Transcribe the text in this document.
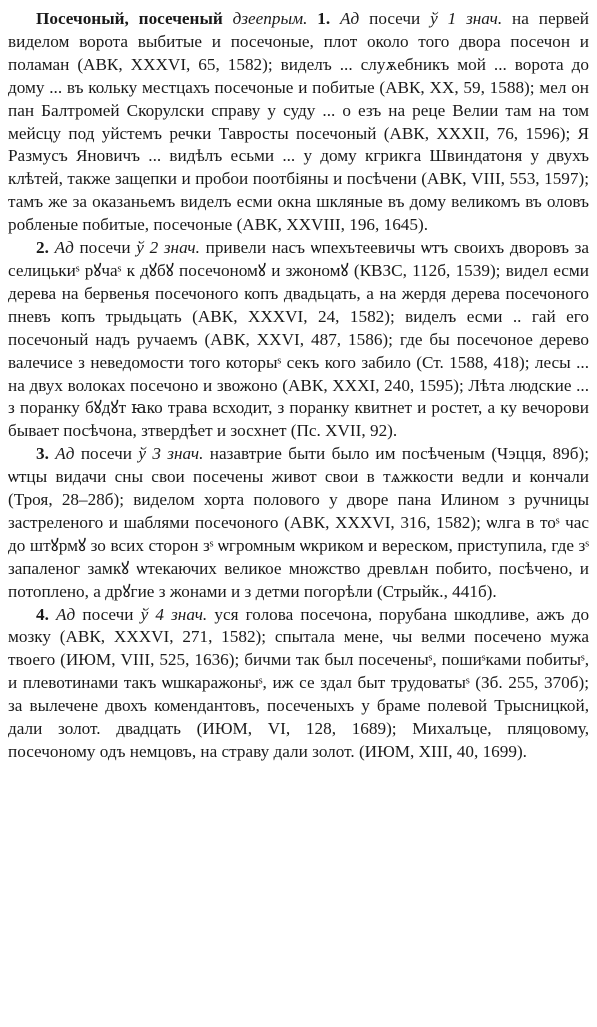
Посечоный, посеченый дзеепрым. 1. Ад посечи ў 1 знач. на первей виделом ворота выбитые и посечоные, плот около того двора посечон и поламан (АВК, XXXVI, 65, 1582); виделъ ... слуѫебникъ мой ... ворота до дому ... въ кольку местцахъ посечоные и побитые (АВК, XX, 59, 1588); мел он пан Балтромей Скорулски справу у суду ... о езъ на реце Велии там на том мейсцу под уйстемъ речки Тавросты посечоный (АВК, XXXII, 76, 1596); Я Размусъ Яновичъ ... видѣлъ есьми ... у дому кгрикга Швиндатоня у двухъ клѣтей, также защепки и пробои поотбіяны и посѣчени (АВК, VIII, 553, 1597); тамъ же за оказаньемъ виделъ есми окна шкляные въ дому великомъ въ оловъ робленые побитые, посечоные (АВК, XXVIII, 196, 1645).

2. Ад посечи ў 2 знач. привели насъ ѡпехътеевичы ѡтъ своихъ дворовъ за селицькиˢ рꙋчаˢ к дꙋбꙋ посечономꙋ и зжономꙋ (КВЗС, 112б, 1539); видел есми дерева на бервенья посечоного копъ двадьцать, а на жердя дерева посечоного пневъ копъ трыдьцать (АВК, XXXVI, 24, 1582); виделъ есми .. гай его посечоный надъ ручаемъ (АВК, XXVI, 487, 1586); где бы посечоное дерево валечисе з неведомости того которыˢ секъ кого забило (Ст. 1588, 418); лесы ... на двух волоках посечоно и звожоно (АВК, XXXI, 240, 1595); Лѣта людские ... з поранку бꙋдꙋт ꙗко трава всходит, з поранку квитнет и ростет, а ку вечорови бывает посѣчона, зтвердѣет и зосхнет (Пс. XVII, 92).

3. Ад посечи ў 3 знач. назавтрие быти было им посѣченым (Чэцця, 89б); ѡтцы видачи сны свои посечены живот свои в тѧжкости ведли и кончали (Троя, 28–28б); виделом хорта полового у дворе пана Илином з ручницы застреленого и шаблями посечоного (АВК, XXXVI, 316, 1582); ѡлга в тоˢ час до штꙋрмꙋ зо всих сторон зˢ ѡгромным ѡкриком и вереском, приступила, где зˢ запаленог замкꙋ ѡтекаючих великое множство древлѧн побито, посѣчено, и потоплено, а дрꙋгие з жонами и з детми погорѣли (Стрыйк., 441б).

4. Ад посечи ў 4 знач. уся голова посечона, порубана шкодливе, ажъ до мозку (АВК, XXXVI, 271, 1582); спытала мене, чы велми посечено мужа твоего (ИЮМ, VIII, 525, 1636); бичми так был посеченыˢ, пошиˢками побитыˢ, и плевотинами такъ ѡшкаражоныˢ, иж се здал быт трудоватыˢ (Зб. 255, 370б); за вылечене двохъ комендантовъ, посеченыхъ у браме полевой Трысницкой, дали золот. двадцать (ИЮМ, VI, 128, 1689); Михалъце, пляцовому, посечоному одъ немцовъ, на страву дали золот. (ИЮМ, XIII, 40, 1699).
